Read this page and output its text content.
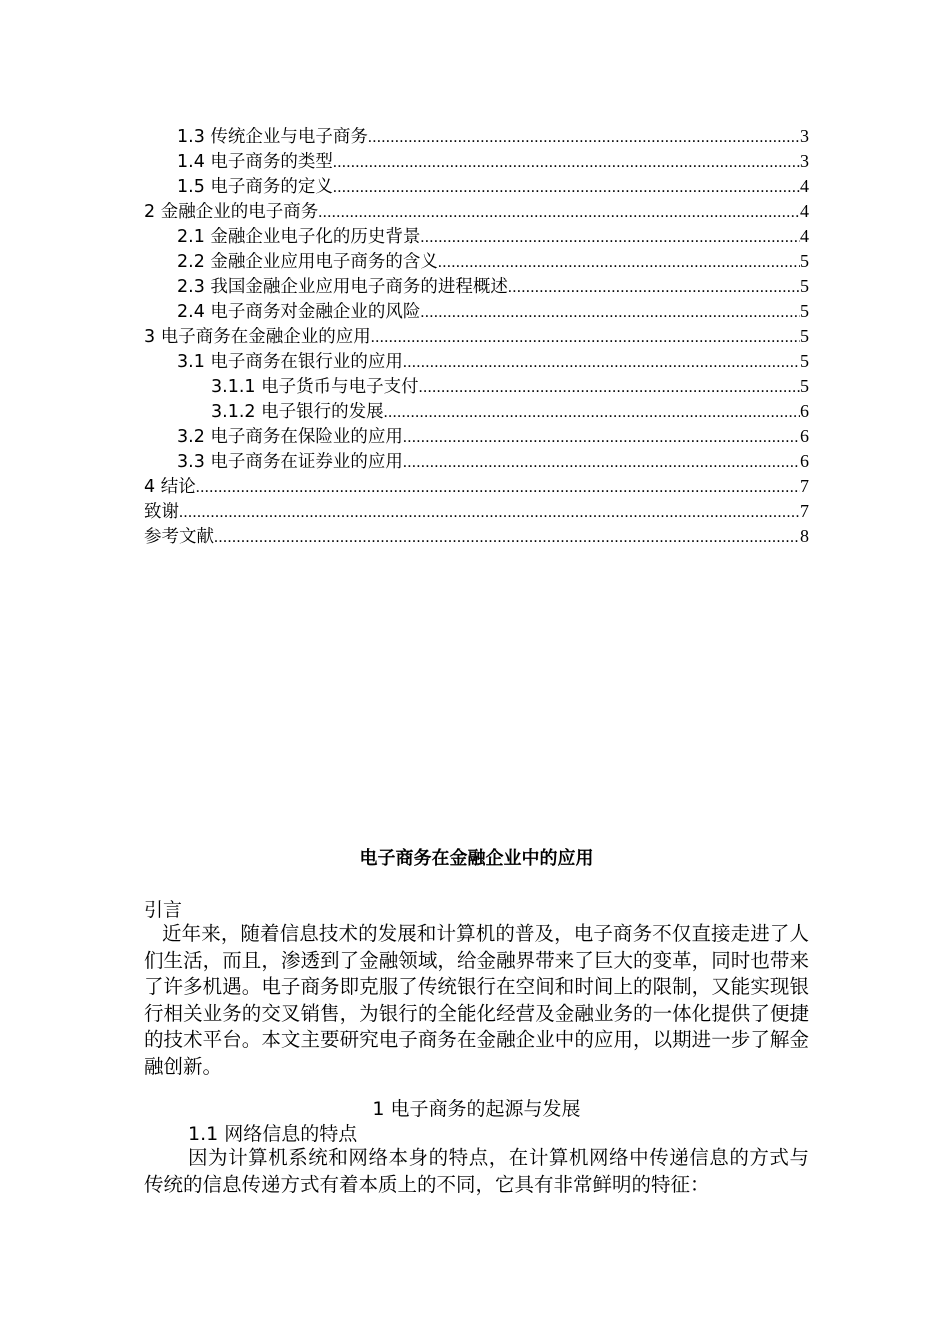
1.3 传统企业与电子商务 .....	3
1.4 电子商务的类型 .....	3
1.5 电子商务的定义 .....	4
2 金融企业的电子商务 .....	4
2.1 金融企业电子化的历史背景 .....	4
2.2 金融企业应用电子商务的含义 .....	5
2.3 我国金融企业应用电子商务的进程概述 .....	5
2.4 电子商务对金融企业的风险 .....	5
3 电子商务在金融企业的应用 .....	5
3.1 电子商务在银行业的应用 .....	5
3.1.1 电子货币与电子支付 .....	5
3.1.2 电子银行的发展 .....	6
3.2 电子商务在保险业的应用 .....	6
3.3 电子商务在证券业的应用 .....	6
4 结论 .....	7
致谢 .....	7
参考文献 .....	8
电子商务在金融企业中的应用
引言
近年来，随着信息技术的发展和计算机的普及，电子商务不仅直接走进了人们生活，而且，渗透到了金融领域，给金融界带来了巨大的变革，同时也带来了许多机遇。电子商务即克服了传统银行在空间和时间上的限制，又能实现银行相关业务的交叉销售，为银行的全能化经营及金融业务的一体化提供了便捷的技术平台。本文主要研究电子商务在金融企业中的应用，以期进一步了解金融创新。
1 电子商务的起源与发展
1.1 网络信息的特点
因为计算机系统和网络本身的特点，在计算机网络中传递信息的方式与传统的信息传递方式有着本质上的不同，它具有非常鲜明的特征：
